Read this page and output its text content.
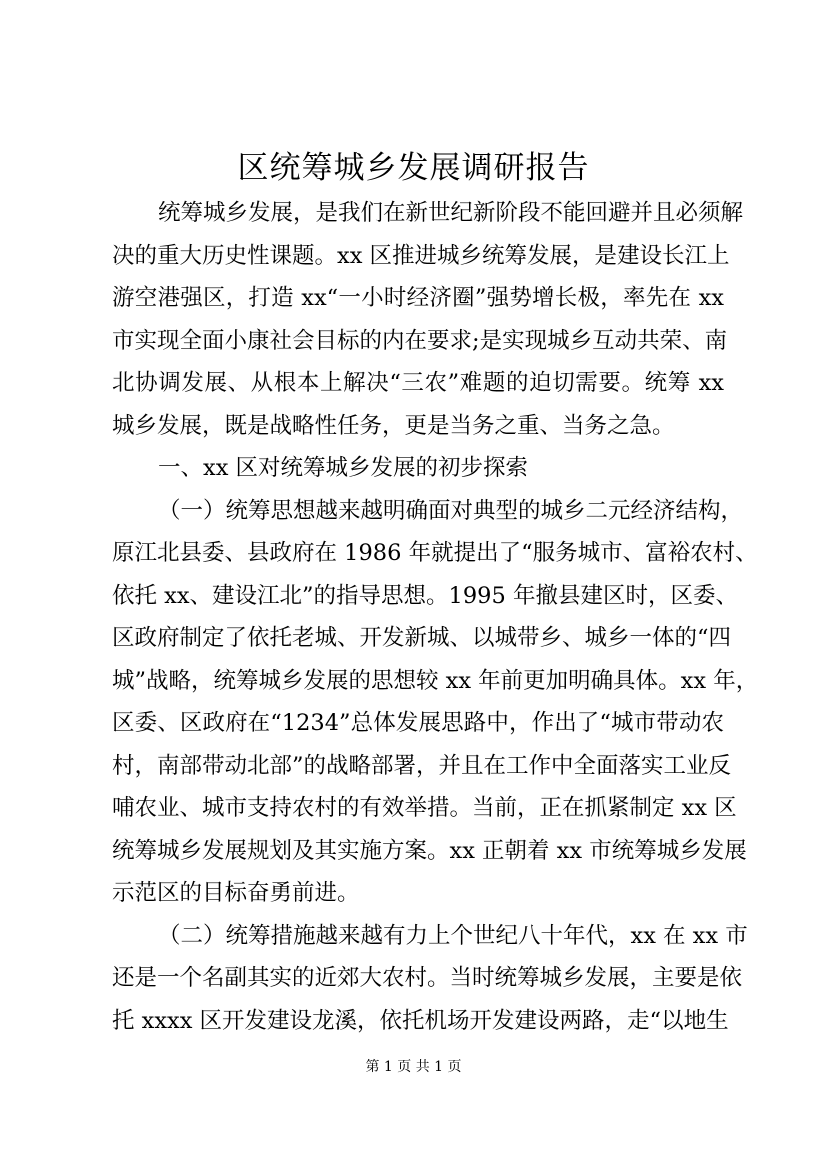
区统筹城乡发展调研报告
统筹城乡发展，是我们在新世纪新阶段不能回避并且必须解
决的重大历史性课题。xx 区推进城乡统筹发展，是建设长江上
游空港强区，打造 xx“一小时经济圈”强势增长极，率先在 xx
市实现全面小康社会目标的内在要求;是实现城乡互动共荣、南
北协调发展、从根本上解决“三农”难题的迫切需要。统筹 xx
城乡发展，既是战略性任务，更是当务之重、当务之急。
一、xx 区对统筹城乡发展的初步探索
（一）统筹思想越来越明确面对典型的城乡二元经济结构，
原江北县委、县政府在 1986 年就提出了“服务城市、富裕农村、
依托 xx、建设江北”的指导思想。1995 年撤县建区时，区委、
区政府制定了依托老城、开发新城、以城带乡、城乡一体的“四
城”战略，统筹城乡发展的思想较 xx 年前更加明确具体。xx 年，
区委、区政府在“1234”总体发展思路中，作出了“城市带动农
村，南部带动北部”的战略部署，并且在工作中全面落实工业反
哺农业、城市支持农村的有效举措。当前，正在抓紧制定 xx 区
统筹城乡发展规划及其实施方案。xx 正朝着 xx 市统筹城乡发展
示范区的目标奋勇前进。
（二）统筹措施越来越有力上个世纪八十年代，xx 在 xx 市
还是一个名副其实的近郊大农村。当时统筹城乡发展，主要是依
托 xxxx 区开发建设龙溪，依托机场开发建设两路，走“以地生
第 1 页 共 1 页
